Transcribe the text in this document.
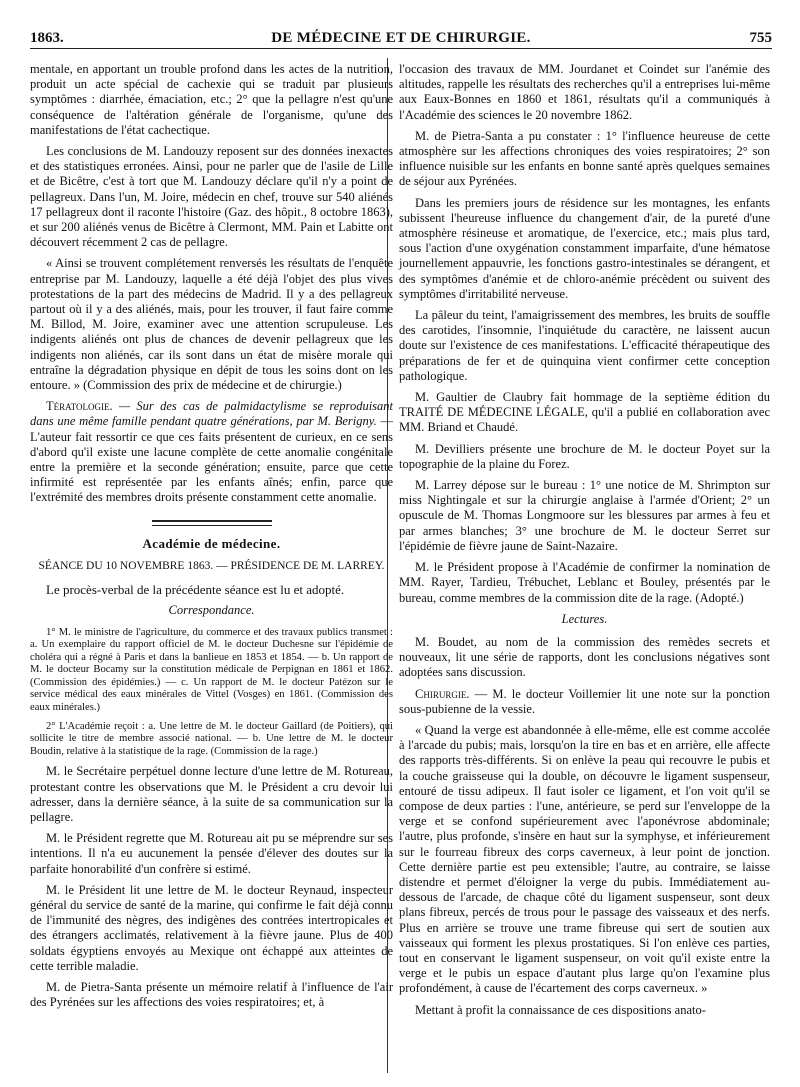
1863.	DE MÉDECINE ET DE CHIRURGIE.	755

mentale, en apportant un trouble profond dans les actes de la nutrition, produit un acte spécial de cachexie qui se traduit par plusieurs symptômes : diarrhée, émaciation, etc.; 2° que la pellagre n'est qu'une conséquence de l'altération générale de l'organisme, qu'une des manifestations de l'état cachectique.

Les conclusions de M. Landouzy reposent sur des données inexactes et des statistiques erronées. Ainsi, pour ne parler que de l'asile de Lille et de Bicêtre, c'est à tort que M. Landouzy déclare qu'il n'y a point de pellagreux. Dans l'un, M. Joire, médecin en chef, trouve sur 540 aliénés 17 pellagreux dont il raconte l'histoire (Gaz. des hôpit., 8 octobre 1863), et sur 200 aliénés venus de Bicêtre à Clermont, MM. Pain et Labitte ont découvert récemment 2 cas de pellagre.

« Ainsi se trouvent complétement renversés les résultats de l'enquête entreprise par M. Landouzy, laquelle a été déjà l'objet des plus vives protestations de la part des médecins de Madrid. Il y a des pellagreux partout où il y a des aliénés, mais, pour les trouver, il faut faire comme M. Billod, M. Joire, examiner avec une attention scrupuleuse. Les indigents aliénés ont plus de chances de devenir pellagreux que les indigents non aliénés, car ils sont dans un état de misère morale qui entraîne la dégradation physique en dépit de tous les soins dont on les entoure. » (Commission des prix de médecine et de chirurgie.)

Tératologie. — Sur des cas de palmidactylisme se reproduisant dans une même famille pendant quatre générations, par M. Berigny. — L'auteur fait ressortir ce que ces faits présentent de curieux, en ce sens d'abord qu'il existe une lacune complète de cette anomalie congénitale entre la première et la seconde génération; ensuite, parce que cette infirmité est représentée par les enfants aînés; enfin, parce que l'extrémité des membres droits présente constamment cette anomalie.

Académie de médecine.
SÉANCE DU 10 NOVEMBRE 1863. — PRÉSIDENCE DE M. LARREY.

Le procès-verbal de la précédente séance est lu et adopté.

Correspondance.

1° M. le ministre de l'agriculture, du commerce et des travaux publics transmet : a. Un exemplaire du rapport officiel de M. le docteur Duchesne sur l'épidémie de choléra qui a régné à Paris et dans la banlieue en 1853 et 1854. — b. Un rapport de M. le docteur Bocamy sur la constitution médicale de Perpignan en 1861 et 1862. (Commission des épidémies.) — c. Un rapport de M. le docteur Patézon sur le service médical des eaux minérales de Vittel (Vosges) en 1861. (Commission des eaux minérales.)

2° L'Académie reçoit : a. Une lettre de M. le docteur Gaillard (de Poitiers), qui sollicite le titre de membre associé national. — b. Une lettre de M. le docteur Boudin, relative à la statistique de la rage. (Commission de la rage.)

M. le Secrétaire perpétuel donne lecture d'une lettre de M. Rotureau, protestant contre les observations que M. le Président a cru devoir lui adresser, dans la dernière séance, à la suite de sa communication sur la pellagre.

M. le Président regrette que M. Rotureau ait pu se méprendre sur ses intentions. Il n'a eu aucunement la pensée d'élever des doutes sur la parfaite honorabilité d'un confrère si estimé.

M. le Président lit une lettre de M. le docteur Reynaud, inspecteur général du service de santé de la marine, qui confirme le fait déjà connu de l'immunité des nègres, des indigènes des contrées intertropicales et des étrangers acclimatés, relativement à la fièvre jaune. Plus de 400 soldats égyptiens envoyés au Mexique ont échappé aux atteintes de cette terrible maladie.

M. de Pietra-Santa présente un mémoire relatif à l'influence de l'air des Pyrénées sur les affections des voies respiratoires; et, à

l'occasion des travaux de MM. Jourdanet et Coindet sur l'anémie des altitudes, rappelle les résultats des recherches qu'il a entreprises lui-même aux Eaux-Bonnes en 1860 et 1861, résultats qu'il a communiqués à l'Académie des sciences le 20 novembre 1862.

M. de Pietra-Santa a pu constater : 1° l'influence heureuse de cette atmosphère sur les affections chroniques des voies respiratoires; 2° son influence nuisible sur les enfants en bonne santé après quelques semaines de séjour aux Pyrénées.

Dans les premiers jours de résidence sur les montagnes, les enfants subissent l'heureuse influence du changement d'air, de la pureté d'une atmosphère résineuse et aromatique, de l'exercice, etc.; mais plus tard, sous l'action d'une oxygénation constamment imparfaite, d'une hématose journellement appauvrie, les fonctions gastro-intestinales se dérangent, et des symptômes d'anémie et de chloro-anémie précèdent ou suivent des symptômes d'irritabilité nerveuse.

La pâleur du teint, l'amaigrissement des membres, les bruits de souffle des carotides, l'insomnie, l'inquiétude du caractère, ne laissent aucun doute sur l'existence de ces manifestations. L'efficacité thérapeutique des préparations de fer et de quinquina vient confirmer cette conception pathologique.

M. Gaultier de Claubry fait hommage de la septième édition du TRAITÉ DE MÉDECINE LÉGALE, qu'il a publié en collaboration avec MM. Briand et Chaudé.

M. Devilliers présente une brochure de M. le docteur Poyet sur la topographie de la plaine du Forez.

M. Larrey dépose sur le bureau : 1° une notice de M. Shrimpton sur miss Nightingale et sur la chirurgie anglaise à l'armée d'Orient; 2° un opuscule de M. Thomas Longmoore sur les blessures par armes à feu et par armes blanches; 3° une brochure de M. le docteur Serret sur l'épidémie de fièvre jaune de Saint-Nazaire.

M. le Président propose à l'Académie de confirmer la nomination de MM. Rayer, Tardieu, Trébuchet, Leblanc et Bouley, présentés par le bureau, comme membres de la commission dite de la rage. (Adopté.)

Lectures.

M. Boudet, au nom de la commission des remèdes secrets et nouveaux, lit une série de rapports, dont les conclusions négatives sont adoptées sans discussion.

Chirurgie. — M. le docteur Voillemier lit une note sur la ponction sous-pubienne de la vessie.

« Quand la verge est abandonnée à elle-même, elle est comme accolée à l'arcade du pubis; mais, lorsqu'on la tire en bas et en arrière, elle affecte des rapports très-différents. Si on enlève la peau qui recouvre le pubis et la couche graisseuse qui la double, on découvre le ligament suspenseur, entouré de tissu adipeux. Il faut isoler ce ligament, et l'on voit qu'il se compose de deux parties : l'une, antérieure, se perd sur l'enveloppe de la verge et se confond supérieurement avec l'aponévrose abdominale; l'autre, plus profonde, s'insère en haut sur la symphyse, et inférieurement sur le fourreau fibreux des corps caverneux, à leur point de jonction. Cette dernière partie est peu extensible; l'autre, au contraire, se laisse distendre et permet d'éloigner la verge du pubis. Immédiatement au-dessous de l'arcade, de chaque côté du ligament suspenseur, sont deux plans fibreux, percés de trous pour le passage des vaisseaux et des nerfs. Plus en arrière se trouve une trame fibreuse qui sert de soutien aux vaisseaux qui forment les plexus prostatiques. Si l'on enlève ces parties, tout en conservant le ligament suspenseur, on voit qu'il existe entre la verge et le pubis un espace d'autant plus large qu'on l'examine plus profondément, à cause de l'écartement des corps caverneux. »

Mettant à profit la connaissance de ces dispositions anato-
